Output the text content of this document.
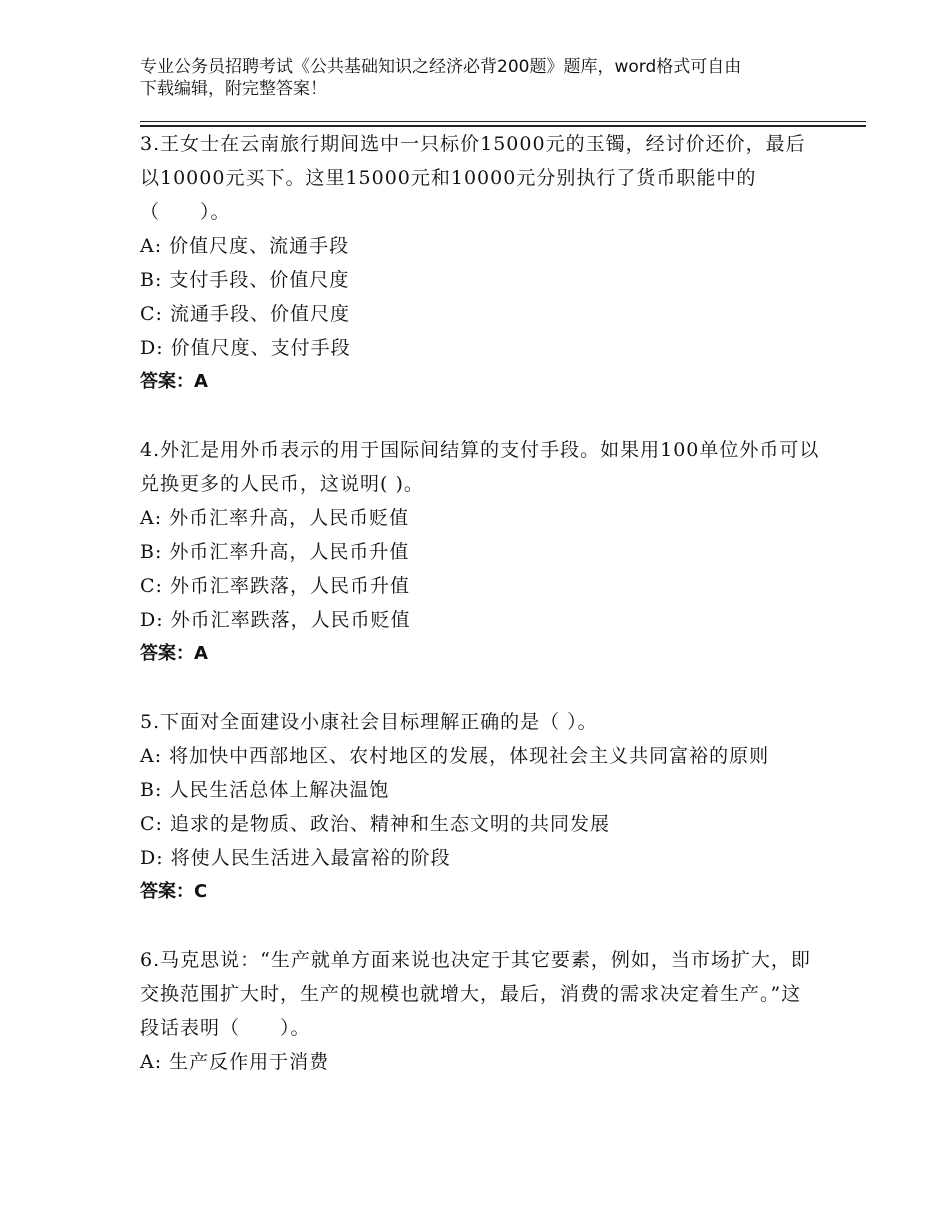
专业公务员招聘考试《公共基础知识之经济必背200题》题库，word格式可自由
下载编辑，附完整答案！

3.王女士在云南旅行期间选中一只标价15000元的玉镯，经讨价还价，最后以10000元买下。这里15000元和10000元分别执行了货币职能中的（　　）。

A: 价值尺度、流通手段

B: 支付手段、价值尺度

C: 流通手段、价值尺度

D: 价值尺度、支付手段

答案：A

4.外汇是用外币表示的用于国际间结算的支付手段。如果用100单位外币可以兑换更多的人民币，这说明( )。

A: 外币汇率升高，人民币贬值

B: 外币汇率升高，人民币升值

C: 外币汇率跌落，人民币升值

D: 外币汇率跌落，人民币贬值

答案：A

5.下面对全面建设小康社会目标理解正确的是（ ）。

A: 将加快中西部地区、农村地区的发展，体现社会主义共同富裕的原则

B: 人民生活总体上解决温饱

C: 追求的是物质、政治、精神和生态文明的共同发展

D: 将使人民生活进入最富裕的阶段

答案：C

6.马克思说：“生产就单方面来说也决定于其它要素，例如，当市场扩大，即交换范围扩大时，生产的规模也就增大，最后，消费的需求决定着生产。”这段话表明（　　）。

A: 生产反作用于消费
